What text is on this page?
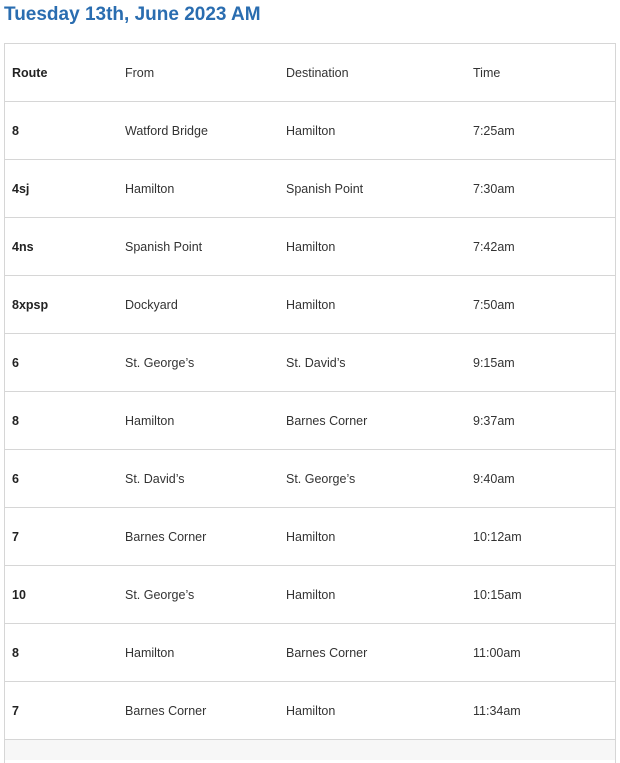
Tuesday 13th, June 2023 AM
Route	From	Destination	Time
8	Watford Bridge	Hamilton	7:25am
4sj	Hamilton	Spanish Point	7:30am
4ns	Spanish Point	Hamilton	7:42am
8xpsp	Dockyard	Hamilton	7:50am
6	St. George’s	St. David’s	9:15am
8	Hamilton	Barnes Corner	9:37am
6	St. David’s	St. George’s	9:40am
7	Barnes Corner	Hamilton	10:12am
10	St. George’s	Hamilton	10:15am
8	Hamilton	Barnes Corner	11:00am
7	Barnes Corner	Hamilton	11:34am
